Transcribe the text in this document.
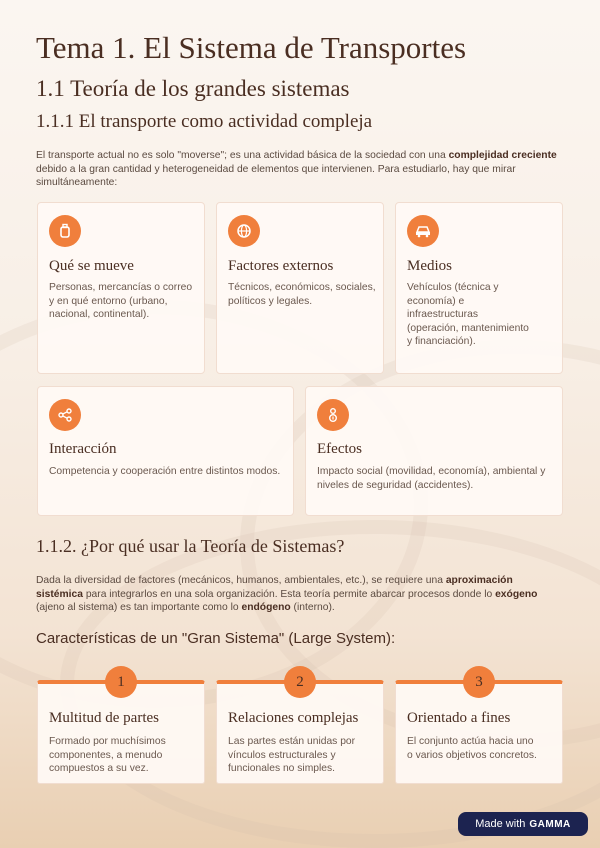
Tema 1. El Sistema de Transportes
1.1 Teoría de los grandes sistemas
1.1.1 El transporte como actividad compleja
El transporte actual no es solo "moverse"; es una actividad básica de la sociedad con una complejidad creciente debido a la gran cantidad y heterogeneidad de elementos que intervienen. Para estudiarlo, hay que mirar simultáneamente:
Qué se mueve
Personas, mercancías o correo y en qué entorno (urbano, nacional, continental).
Factores externos
Técnicos, económicos, sociales, políticos y legales.
Medios
Vehículos (técnica y economía) e infraestructuras (operación, mantenimiento y financiación).
Interacción
Competencia y cooperación entre distintos modos.
Efectos
Impacto social (movilidad, economía), ambiental y niveles de seguridad (accidentes).
1.1.2. ¿Por qué usar la Teoría de Sistemas?
Dada la diversidad de factores (mecánicos, humanos, ambientales, etc.), se requiere una aproximación sistémica para integrarlos en una sola organización. Esta teoría permite abarcar procesos donde lo exógeno (ajeno al sistema) es tan importante como lo endógeno (interno).
Características de un "Gran Sistema" (Large System):
1
Multitud de partes
Formado por muchísimos componentes, a menudo compuestos a su vez.
2
Relaciones complejas
Las partes están unidas por vínculos estructurales y funcionales no simples.
3
Orientado a fines
El conjunto actúa hacia uno o varios objetivos concretos.
Made with GAMMA
